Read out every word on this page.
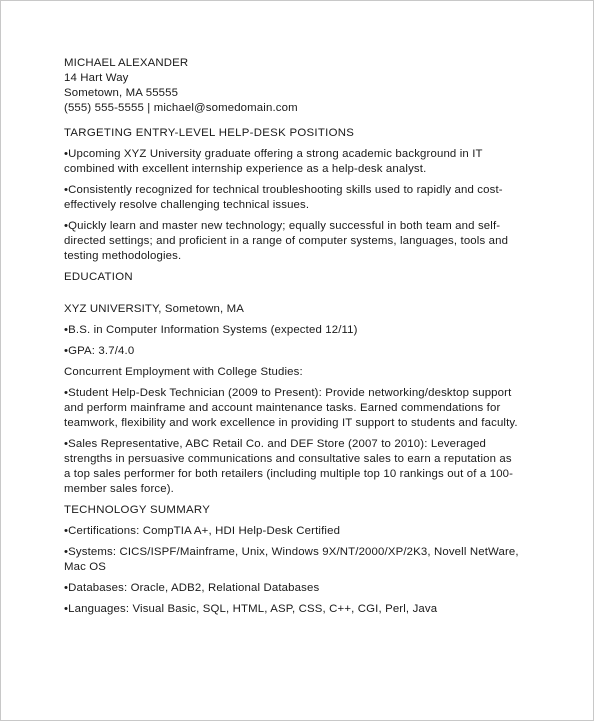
MICHAEL ALEXANDER
14 Hart Way
Sometown, MA 55555
(555) 555-5555 | michael@somedomain.com
TARGETING ENTRY-LEVEL HELP-DESK POSITIONS
•Upcoming XYZ University graduate offering a strong academic background in IT
combined with excellent internship experience as a help-desk analyst.
•Consistently recognized for technical troubleshooting skills used to rapidly and cost-
effectively resolve challenging technical issues.
•Quickly learn and master new technology; equally successful in both team and self-
directed settings; and proficient in a range of computer systems, languages, tools and
testing methodologies.
EDUCATION
XYZ UNIVERSITY, Sometown, MA
•B.S. in Computer Information Systems (expected 12/11)
•GPA: 3.7/4.0
Concurrent Employment with College Studies:
•Student Help-Desk Technician (2009 to Present): Provide networking/desktop support
and perform mainframe and account maintenance tasks. Earned commendations for
teamwork, flexibility and work excellence in providing IT support to students and faculty.
•Sales Representative, ABC Retail Co. and DEF Store (2007 to 2010): Leveraged
strengths in persuasive communications and consultative sales to earn a reputation as
a top sales performer for both retailers (including multiple top 10 rankings out of a 100-
member sales force).
TECHNOLOGY SUMMARY
•Certifications: CompTIA A+, HDI Help-Desk Certified
•Systems: CICS/ISPF/Mainframe, Unix, Windows 9X/NT/2000/XP/2K3, Novell NetWare,
Mac OS
•Databases: Oracle, ADB2, Relational Databases
•Languages: Visual Basic, SQL, HTML, ASP, CSS, C++, CGI, Perl, Java
